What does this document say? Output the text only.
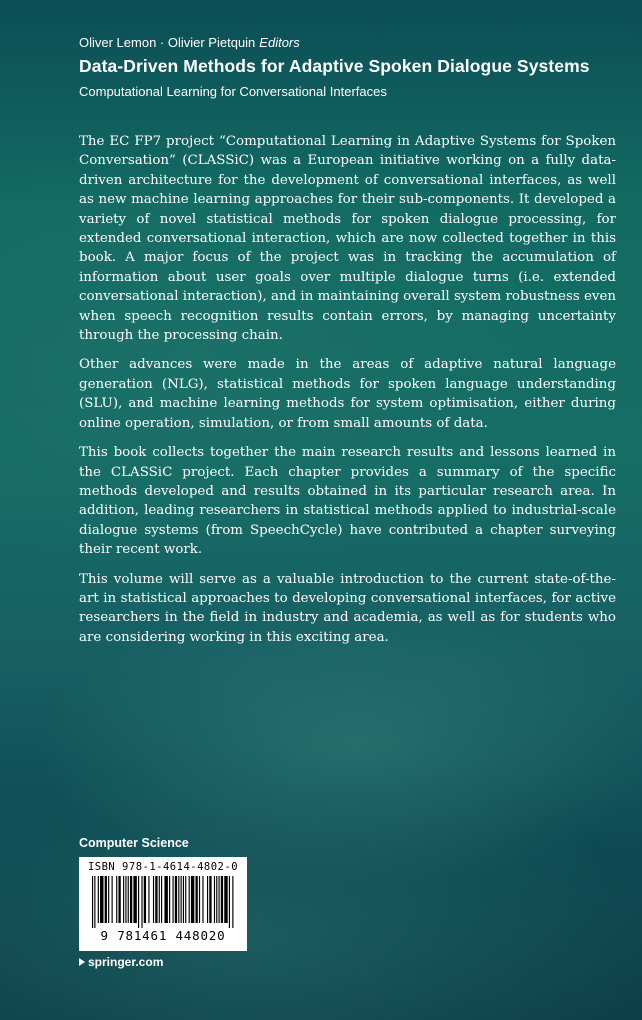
Oliver Lemon · Olivier Pietquin Editors

Data-Driven Methods for Adaptive Spoken Dialogue Systems

Computational Learning for Conversational Interfaces

The EC FP7 project “Computational Learning in Adaptive Systems for Spoken Conversation” (CLASSiC) was a European initiative working on a fully data-driven architecture for the development of conversational interfaces, as well as new machine learning approaches for their sub-components. It developed a variety of novel statistical methods for spoken dialogue processing, for extended conversational interaction, which are now collected together in this book. A major focus of the project was in tracking the accumulation of information about user goals over multiple dialogue turns (i.e. extended conversational interaction), and in maintaining overall system robustness even when speech recognition results contain errors, by managing uncertainty through the processing chain.

Other advances were made in the areas of adaptive natural language generation (NLG), statistical methods for spoken language understanding (SLU), and machine learning methods for system optimisation, either during online operation, simulation, or from small amounts of data.

This book collects together the main research results and lessons learned in the CLASSiC project. Each chapter provides a summary of the specific methods developed and results obtained in its particular research area. In addition, leading researchers in statistical methods applied to industrial-scale dialogue systems (from SpeechCycle) have contributed a chapter surveying their recent work.

This volume will serve as a valuable introduction to the current state-of-the-art in statistical approaches to developing conversational interfaces, for active researchers in the field in industry and academia, as well as for students who are considering working in this exciting area.

Computer Science

ISBN 978-1-4614-4802-0

9 781461 448020

springer.com
